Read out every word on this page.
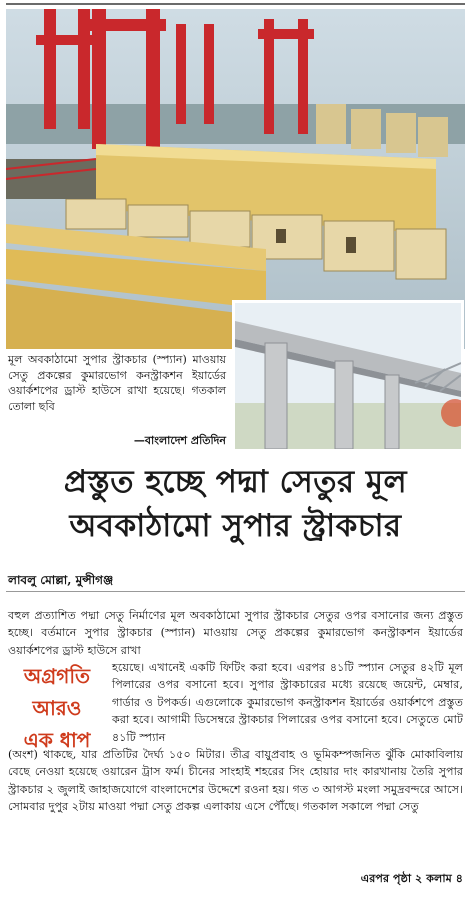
মূল অবকাঠামো সুপার স্ট্রাকচার (স্প্যান) মাওয়ায় সেতু প্রকল্পের কুমারভোগ কনস্ট্রাকশন ইয়ার্ডের ওয়ার্কশপের ড্রাস্ট হাউসে রাখা হয়েছে। গতকাল তোলা ছবি
—বাংলাদেশ প্রতিদিন
প্রস্তুত হচ্ছে পদ্মা সেতুর মূল
অবকাঠামো সুপার স্ট্রাকচার
লাবলু মোল্লা, মুন্সীগঞ্জ
বহুল প্রত্যাশিত পদ্মা সেতু নির্মাণের মূল অবকাঠামো সুপার স্ট্রাকচার সেতুর ওপর বসানোর জন্য প্রস্তুত হচ্ছে। বর্তমানে সুপার স্ট্রাকচার (স্প্যান) মাওয়ায় সেতু প্রকল্পের কুমারভোগ কনস্ট্রাকশন ইয়ার্ডের ওয়ার্কশপের ড্রাস্ট হাউসে রাখা
অগ্রগতি
আরও
এক ধাপ
হয়েছে। এখানেই একটি ফিটিং করা হবে। এরপর ৪১টি স্প্যান সেতুর ৪২টি মূল পিলারের ওপর বসানো হবে। সুপার স্ট্রাকচারের মধ্যে রয়েছে জয়েন্ট, মেম্বার, গার্ডার ও টপকর্ড। এগুলোকে কুমারভোগ কনস্ট্রাকশন ইয়ার্ডের ওয়ার্কশপে প্রস্তুত করা হবে। আগামী ডিসেম্বরে স্ট্রাকচার পিলারের ওপর বসানো হবে। সেতুতে মোট ৪১টি স্প্যান
(অংশ) থাকছে, যার প্রতিটির দৈর্ঘ্য ১৫০ মিটার। তীব্র বায়ুপ্রবাহ ও ভূমিকম্পজনিত ঝুঁকি মোকাবিলায় বেছে নেওয়া হয়েছে ওয়ারেন ট্রাস ফর্ম। চীনের সাংহাই শহরের সিং হোয়ার দাং কারখানায় তৈরি সুপার স্ট্রাকচার ২ জুলাই জাহাজযোগে বাংলাদেশের উদ্দেশে রওনা হয়। গত ৩ আগস্ট মংলা সমুদ্রবন্দরে আসে। সোমবার দুপুর ২টায় মাওয়া পদ্মা সেতু প্রকল্প এলাকায় এসে পৌঁছে। গতকাল সকালে পদ্মা সেতু
এরপর পৃষ্ঠা ২ কলাম ৪
